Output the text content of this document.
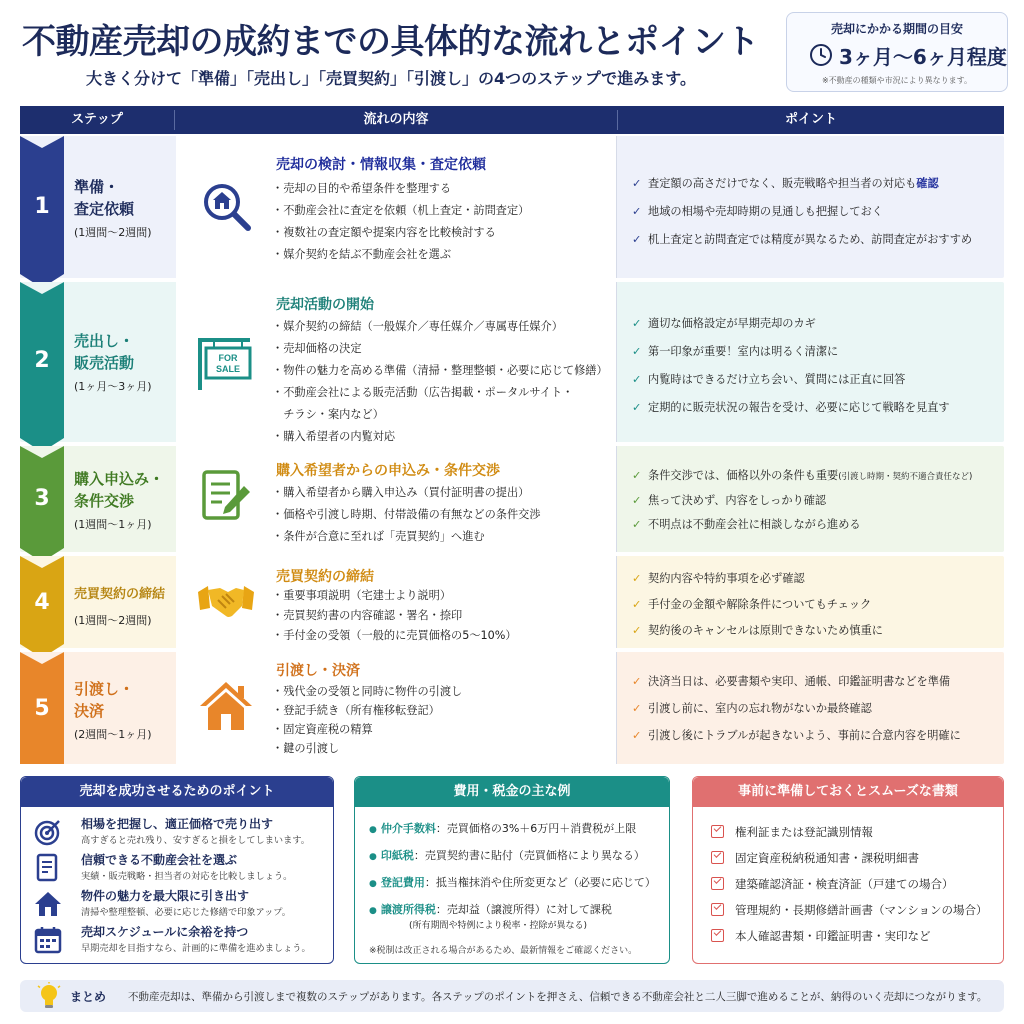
不動産売却の成約までの具体的な流れとポイント
大きく分けて「準備」「売出し」「売買契約」「引渡し」の4つのステップで進みます。
売却にかかる期間の目安
3ヶ月〜6ヶ月程度
※不動産の種類や市況により異なります。
ステップ	流れの内容	ポイント
1
準備・
査定依頼
(1週間〜2週間)
売却の検討・情報収集・査定依頼
・ 売却の目的や希望条件を整理する
・ 不動産会社に査定を依頼（机上査定・訪問査定）
・ 複数社の査定額や提案内容を比較検討する
・ 媒介契約を結ぶ不動産会社を選ぶ
✓ 査定額の高さだけでなく、販売戦略や担当者の対応も確認
✓ 地域の相場や売却時期の見通しも把握しておく
✓ 机上査定と訪問査定では精度が異なるため、訪問査定がおすすめ
2
売出し・
販売活動
(1ヶ月〜3ヶ月)
FOR
SALE
売却活動の開始
・ 媒介契約の締結（一般媒介／専任媒介／専属専任媒介）
・ 売却価格の決定
・ 物件の魅力を高める準備（清掃・整理整頓・必要に応じて修繕）
・ 不動産会社による販売活動（広告掲載・ポータルサイト・
チラシ・案内など）
・ 購入希望者の内覧対応
✓ 適切な価格設定が早期売却のカギ
✓ 第一印象が重要！室内は明るく清潔に
✓ 内覧時はできるだけ立ち会い、質問には正直に回答
✓ 定期的に販売状況の報告を受け、必要に応じて戦略を見直す
3
購入申込み・
条件交渉
(1週間〜1ヶ月)
購入希望者からの申込み・条件交渉
・ 購入希望者から購入申込み（買付証明書の提出）
・ 価格や引渡し時期、付帯設備の有無などの条件交渉
・ 条件が合意に至れば「売買契約」へ進む
✓ 条件交渉では、価格以外の条件も重要(引渡し時期・契約不適合責任など)
✓ 焦って決めず、内容をしっかり確認
✓ 不明点は不動産会社に相談しながら進める
4	売買契約の締結
(1週間〜2週間)
売買契約の締結
・ 重要事項説明（宅建士より説明）
・ 売買契約書の内容確認・署名・捺印
・ 手付金の受領（一般的に売買価格の5〜10%）
✓ 契約内容や特約事項を必ず確認
✓ 手付金の金額や解除条件についてもチェック
✓ 契約後のキャンセルは原則できないため慎重に
5
引渡し・
決済
(2週間〜1ヶ月)
引渡し・決済
・ 残代金の受領と同時に物件の引渡し
・ 登記手続き（所有権移転登記）
・ 固定資産税の精算
・ 鍵の引渡し
✓ 決済当日は、必要書類や実印、通帳、印鑑証明書などを準備
✓ 引渡し前に、室内の忘れ物がないか最終確認
✓ 引渡し後にトラブルが起きないよう、事前に合意内容を明確に
売却を成功させるためのポイント
相場を把握し、適正価格で売り出す
高すぎると売れ残り、安すぎると損をしてしまいます。
信頼できる不動産会社を選ぶ
実績・販売戦略・担当者の対応を比較しましょう。
物件の魅力を最大限に引き出す
清掃や整理整頓、必要に応じた修繕で印象アップ。
売却スケジュールに余裕を持つ
早期売却を目指すなら、計画的に準備を進めましょう。
費用・税金の主な例
● 仲介手数料：売買価格の3%＋6万円＋消費税が上限
● 印紙税：売買契約書に貼付（売買価格により異なる）
● 登記費用：抵当権抹消や住所変更など（必要に応じて）
● 譲渡所得税：売却益（譲渡所得）に対して課税
(所有期間や特例により税率・控除が異なる)
※税制は改正される場合があるため、最新情報をご確認ください。
事前に準備しておくとスムーズな書類
権利証または登記識別情報
固定資産税納税通知書・課税明細書
建築確認済証・検査済証（戸建ての場合）
管理規約・長期修繕計画書（マンションの場合）
本人確認書類・印鑑証明書・実印など
まとめ 不動産売却は、準備から引渡しまで複数のステップがあります。各ステップのポイントを押さえ、信頼できる不動産会社と二人三脚で進めることが、納得のいく売却につながります。
